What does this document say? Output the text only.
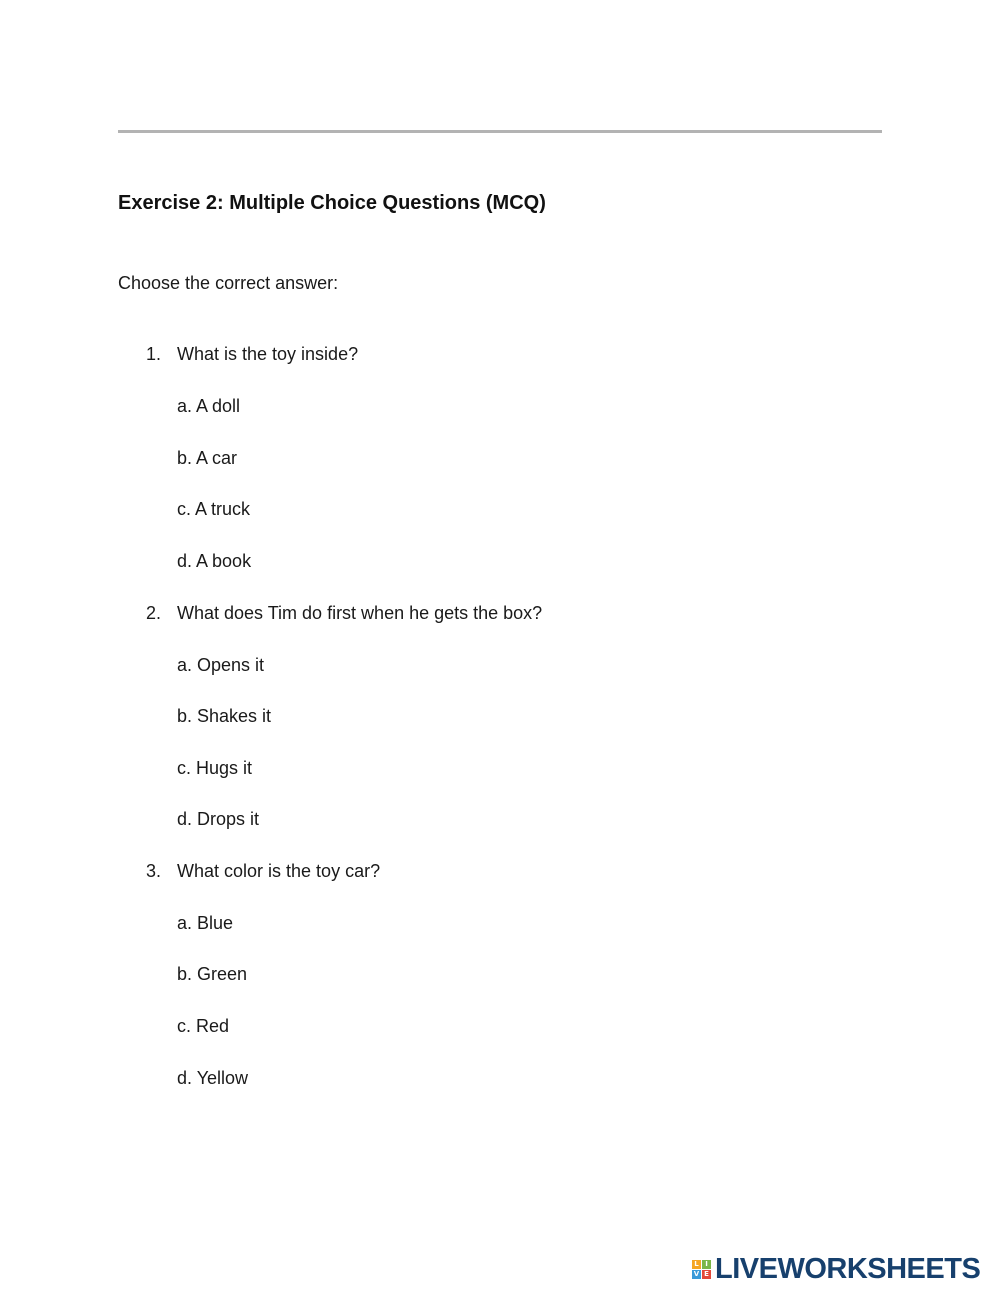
Exercise 2: Multiple Choice Questions (MCQ)
Choose the correct answer:
1. What is the toy inside?
a. A doll
b. A car
c. A truck
d. A book
2. What does Tim do first when he gets the box?
a. Opens it
b. Shakes it
c. Hugs it
d. Drops it
3. What color is the toy car?
a. Blue
b. Green
c. Red
d. Yellow
L I
V E LIVEWORKSHEETS
